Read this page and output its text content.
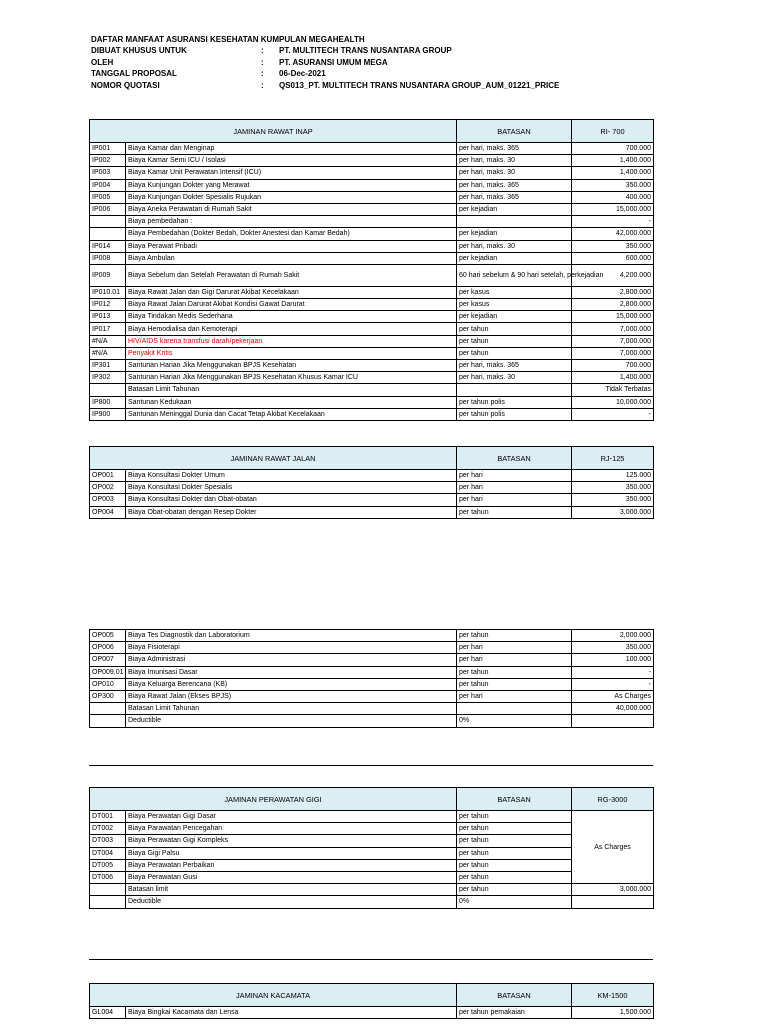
DAFTAR MANFAAT ASURANSI KESEHATAN KUMPULAN MEGAHEALTH
DIBUAT KHUSUS UNTUK	:	PT. MULTITECH TRANS NUSANTARA GROUP
OLEH	:	PT. ASURANSI UMUM MEGA
TANGGAL PROPOSAL	:	06-Dec-2021
NOMOR QUOTASI	:	QS013_PT. MULTITECH TRANS NUSANTARA GROUP_AUM_01221_PRICE
JAMINAN RAWAT INAP		BATASAN	RI- 700
IP001	Biaya Kamar dan Menginap	per hari, maks. 365	700.000
IP002	Biaya Kamar Semi ICU / Isolasi	per hari, maks. 30	1,400.000
IP003	Biaya Kamar Unit Perawatan Intensif (ICU)	per hari, maks. 30	1,400.000
IP004	Biaya Kunjungan Dokter yang Merawat	per hari, maks. 365	350.000
IP005	Biaya Kunjungan Dokter Spesialis Rujukan	per hari, maks. 365	400.000
IP006	Biaya Aneka Perawatan di Rumah Sakit	per kejadian	15,000.000
	Biaya pembedahan :		-
	Biaya Pembedahan (Dokter Bedah, Dokter Anestesi dan Kamar Bedah)	per kejadian	42,000.000
IP014	Biaya Perawat Pribadi	per hari, maks. 30	350.000
IP008	Biaya Ambulan	per kejadian	600.000
IP009	Biaya Sebelum dan Setelah Perawatan di Rumah Sakit	60 hari sebelum & 90 hari setelah, perkejadian	4,200.000
IP010.01	Biaya Rawat Jalan dan Gigi Darurat Akibat Kecelakaan	per kasus	2,800.000
IP012	Biaya Rawat Jalan Darurat Akibat Kondisi Gawat Darurat	per kasus	2,800.000
IP013	Biaya Tindakan Medis Sederhana	per kejadian	15,000.000
IP017	Biaya Hemodialisa dan Kemoterapi	per tahun	7,000.000
#N/A	HIV/AIDS karena transfusi darah/pekerjaan	per tahun	7,000.000
#N/A	Penyakit Kritis	per tahun	7,000.000
IP301	Santunan Harian Jika Menggunakan BPJS Kesehatan	per hari, maks. 365	700.000
IP302	Santunan Harian Jika Menggunakan BPJS Kesehatan Khusus Kamar ICU	per hari, maks. 30	1,400.000
	Batasan Limit Tahunan		Tidak Terbatas
IP800	Santunan Kedukaan	per tahun polis	10,000.000
IP900	Santunan Meninggal Dunia dan Cacat Tetap Akibat Kecelakaan	per tahun polis	-
JAMINAN RAWAT JALAN		BATASAN	RJ-125
OP001	Biaya Konsultasi Dokter Umum	per hari	125.000
OP002	Biaya Konsultasi Dokter Spesialis	per hari	350.000
OP003	Biaya Konsultasi Dokter dan Obat-obatan	per hari	350.000
OP004	Biaya Obat-obatan dengan Resep Dokter	per tahun	3,000.000
OP005	Biaya Tes Diagnostik dan Laboratorium	per tahun	2,000.000
OP006	Biaya Fisioterapi	per hari	350.000
OP007	Biaya Administrasi	per hari	100.000
OP009.01	Biaya Imunisasi Dasar	per tahun	-
OP010	Biaya Keluarga Berencana (KB)	per tahun	-
OP300	Biaya Rawat Jalan (Ekses BPJS)	per hari	As Charges
	Batasan Limit Tahunan		40,000.000
	Deductible	0%	
JAMINAN PERAWATAN GIGI		BATASAN	RG-3000
DT001	Biaya Perawatan Gigi Dasar	per tahun	As Charges
DT002	Biaya Parawatan Pencegahan	per tahun	
DT003	Biaya Perawatan Gigi Kompleks	per tahun	
DT004	Biaya Gigi Palsu	per tahun	
DT005	Biaya Perawatan Perbaikan	per tahun	
DT006	Biaya Perawatan Gusi	per tahun	
	Batasan limit	per tahun	3,000.000
	Deductible	0%	
JAMINAN KACAMATA		BATASAN	KM-1500
GL004	Biaya Bingkai Kacamata dan Lensa	per tahun pemakaian	1,500.000
